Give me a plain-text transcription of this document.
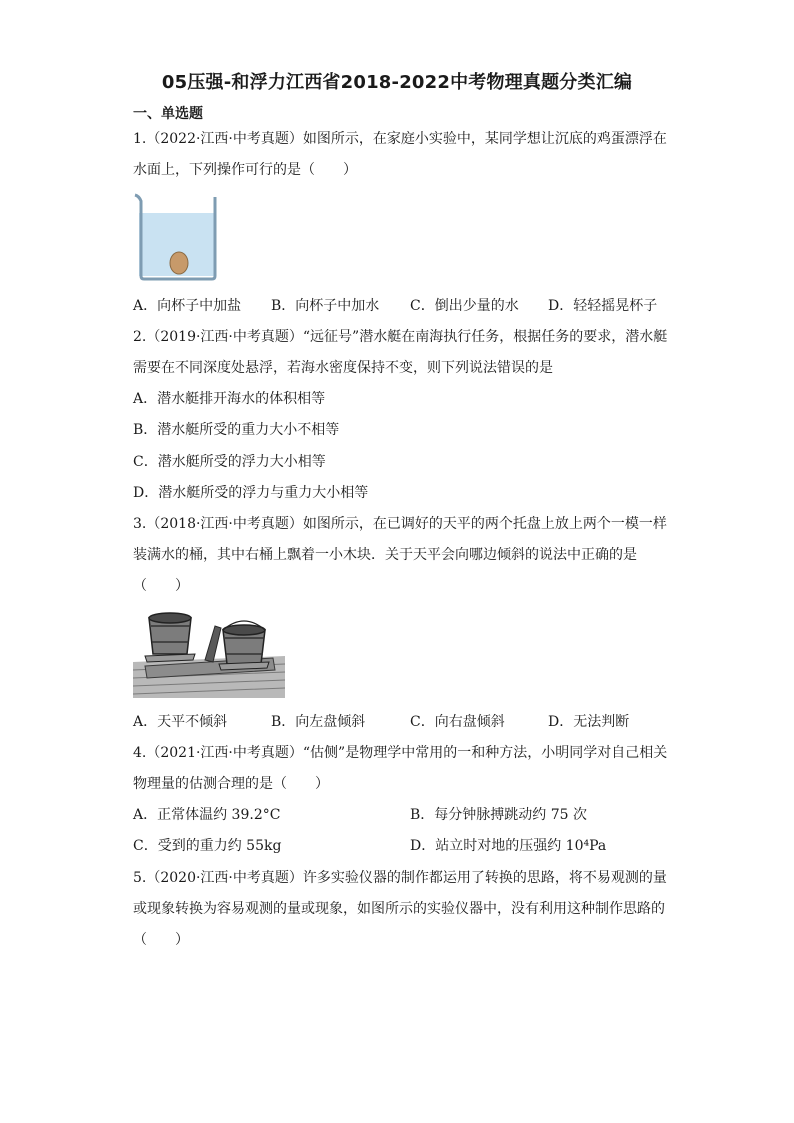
05压强-和浮力江西省2018-2022中考物理真题分类汇编
一、单选题
1.（2022·江西·中考真题）如图所示，在家庭小实验中，某同学想让沉底的鸡蛋漂浮在
水面上，下列操作可行的是（　　）
A．向杯子中加盐 B．向杯子中加水 C．倒出少量的水 D．轻轻摇晃杯子
2.（2019·江西·中考真题）“远征号”潜水艇在南海执行任务，根据任务的要求，潜水艇
需要在不同深度处悬浮，若海水密度保持不变，则下列说法错误的是
A．潜水艇排开海水的体积相等
B．潜水艇所受的重力大小不相等
C．潜水艇所受的浮力大小相等
D．潜水艇所受的浮力与重力大小相等
3.（2018·江西·中考真题）如图所示，在已调好的天平的两个托盘上放上两个一模一样
装满水的桶，其中右桶上飘着一小木块．关于天平会向哪边倾斜的说法中正确的是
（　　）
A．天平不倾斜	B．向左盘倾斜	C．向右盘倾斜	D．无法判断
4.（2021·江西·中考真题）“估侧”是物理学中常用的一和种方法，小明同学对自己相关
物理量的估测合理的是（　　）
A．正常体温约 39.2°C	B．每分钟脉搏跳动约 75 次
C．受到的重力约 55kg	D．站立时对地的压强约 10⁴Pa
5.（2020·江西·中考真题）许多实验仪器的制作都运用了转换的思路，将不易观测的量
或现象转换为容易观测的量或现象，如图所示的实验仪器中，没有利用这种制作思路的
（　　）
